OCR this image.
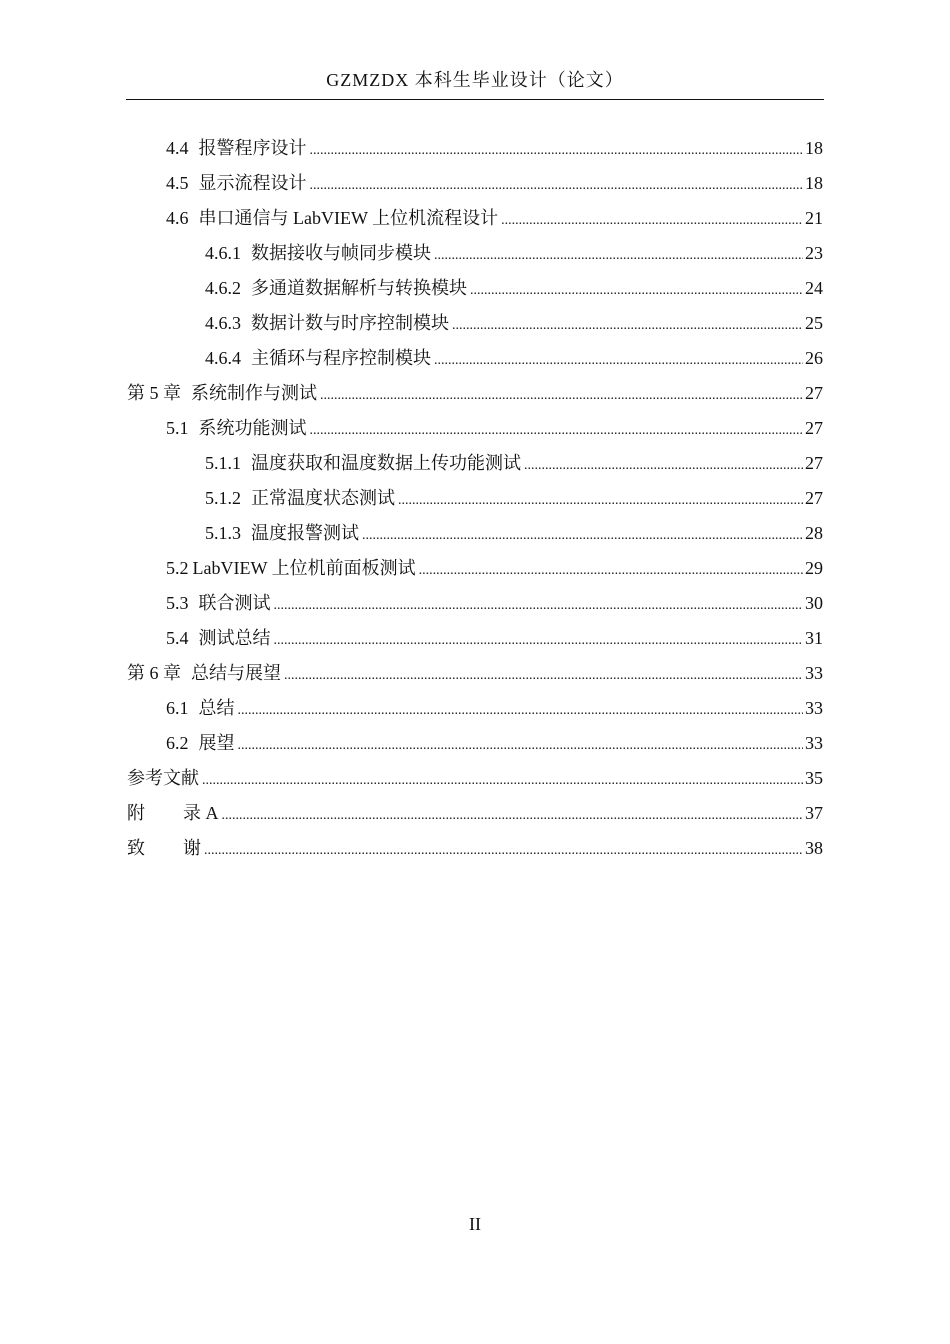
GZMZDX 本科生毕业设计（论文）
4.4 报警程序设计 .....	18
4.5 显示流程设计 .....	18
4.6 串口通信与 LabVIEW 上位机流程设计 .....	21
4.6.1 数据接收与帧同步模块 .....	23
4.6.2 多通道数据解析与转换模块 .....	24
4.6.3 数据计数与时序控制模块 .....	25
4.6.4 主循环与程序控制模块 .....	26
第 5 章 系统制作与测试 .....	27
5.1 系统功能测试 .....	27
5.1.1 温度获取和温度数据上传功能测试 .....	27
5.1.2 正常温度状态测试 .....	27
5.1.3 温度报警测试 .....	28
5.2 LabVIEW 上位机前面板测试 .....	29
5.3 联合测试 .....	30
5.4 测试总结 .....	31
第 6 章 总结与展望 .....	33
6.1 总结 .....	33
6.2 展望 .....	33
参考文献 .....	35
附 录 A .....	37
致 谢 .....	38
II
